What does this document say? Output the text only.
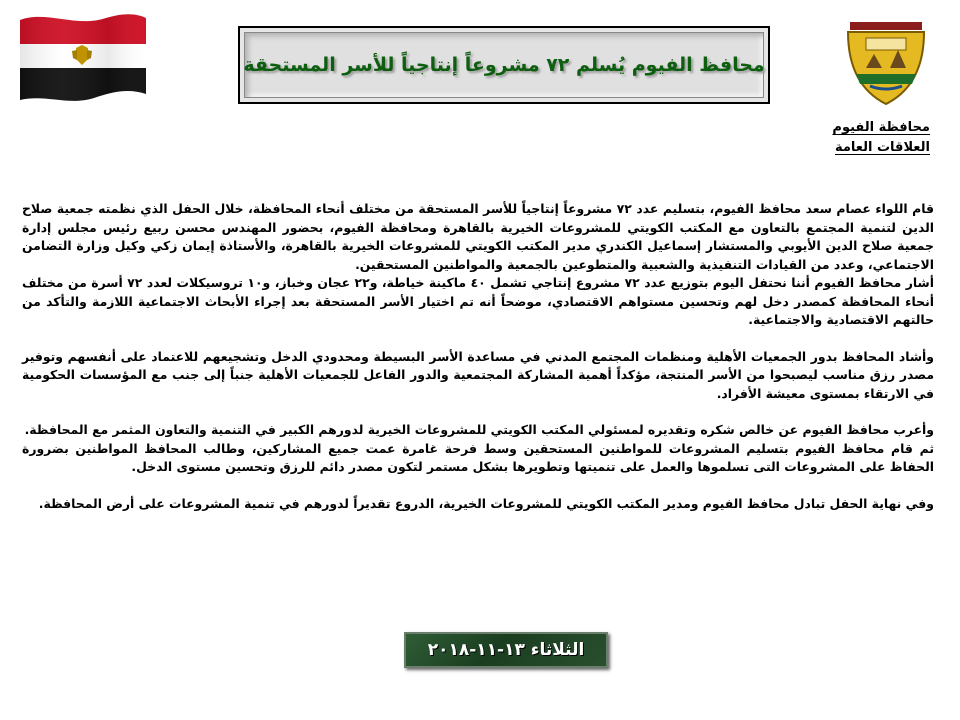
محافظ الفيوم يُسلم ٧٢ مشروعاً إنتاجياً للأسر المستحقة
محافظة الفيوم
العلاقات العامة

قام اللواء عصام سعد محافظ الفيوم، بتسليم عدد ٧٢ مشروعاً إنتاجياً للأسر المستحقة من مختلف أنحاء المحافظة، خلال الحفل الذي نظمته جمعية صلاح الدين لتنمية المجتمع بالتعاون مع المكتب الكويتي للمشروعات الخيرية بالقاهرة ومحافظة الفيوم، بحضور المهندس محسن ربيع رئيس مجلس إدارة جمعية صلاح الدين الأيوبي والمستشار إسماعيل الكندري مدير المكتب الكويتي للمشروعات الخيرية بالقاهرة، والأستاذة إيمان زكي وكيل وزارة التضامن الاجتماعي، وعدد من القيادات التنفيذية والشعبية والمتطوعين بالجمعية والمواطنين المستحقين.

أشار محافظ الفيوم أننا نحتفل اليوم بتوزيع عدد ٧٢ مشروع إنتاجي تشمل ٤٠ ماكينة خياطة، و٢٢ عجان وخباز، و١٠ تروسيكلات لعدد ٧٢ أسرة من مختلف أنحاء المحافظة كمصدر دخل لهم وتحسين مستواهم الاقتصادي، موضحاً أنه تم اختيار الأسر المستحقة بعد إجراء الأبحاث الاجتماعية اللازمة والتأكد من حالتهم الاقتصادية والاجتماعية.

وأشاد المحافظ بدور الجمعيات الأهلية ومنظمات المجتمع المدني في مساعدة الأسر البسيطة ومحدودي الدخل وتشجيعهم للاعتماد على أنفسهم وتوفير مصدر رزق مناسب ليصبحوا من الأسر المنتجة، مؤكداً أهمية المشاركة المجتمعية والدور الفاعل للجمعيات الأهلية جنباً إلى جنب مع المؤسسات الحكومية في الارتقاء بمستوى معيشة الأفراد.

وأعرب محافظ الفيوم عن خالص شكره وتقديره لمسئولي المكتب الكويتي للمشروعات الخيرية لدورهم الكبير في التنمية والتعاون المثمر مع المحافظة.

ثم قام محافظ الفيوم بتسليم المشروعات للمواطنين المستحقين وسط فرحة غامرة عمت جميع المشاركين، وطالب المحافظ المواطنين بضرورة الحفاظ على المشروعات التى تسلموها والعمل على تنميتها وتطويرها بشكل مستمر لتكون مصدر دائم للرزق وتحسين مستوى الدخل.

وفي نهاية الحفل تبادل محافظ الفيوم ومدير المكتب الكويتي للمشروعات الخيرية، الدروع تقديراً لدورهم في تنمية المشروعات على أرض المحافظة.

الثلاثاء ١٣-١١-٢٠١٨
